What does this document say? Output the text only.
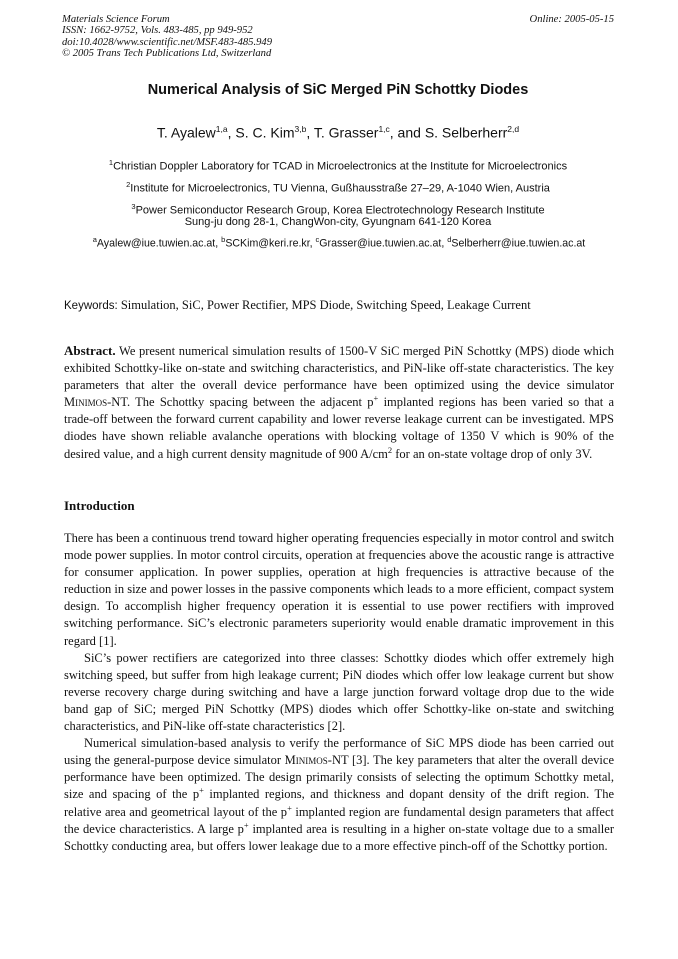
Materials Science Forum
ISSN: 1662-9752, Vols. 483-485, pp 949-952
doi:10.4028/www.scientific.net/MSF.483-485.949
© 2005 Trans Tech Publications Ltd, Switzerland
Online: 2005-05-15
Numerical Analysis of SiC Merged PiN Schottky Diodes
T. Ayalew$^{1,a}$, S. C. Kim$^{3,b}$, T. Grasser$^{1,c}$, and S. Selberherr$^{2,d}$
$^1$Christian Doppler Laboratory for TCAD in Microelectronics at the Institute for Microelectronics
$^2$Institute for Microelectronics, TU Vienna, Gußhausstraße 27–29, A-1040 Wien, Austria
$^3$Power Semiconductor Research Group, Korea Electrotechnology Research Institute
Sung-ju dong 28-1, ChangWon-city, Gyungnam 641-120 Korea
$^a$Ayalew@iue.tuwien.ac.at, $^b$SCKim@keri.re.kr, $^c$Grasser@iue.tuwien.ac.at, $^d$Selberherr@iue.tuwien.ac.at
Keywords: Simulation, SiC, Power Rectifier, MPS Diode, Switching Speed, Leakage Current

Abstract. We present numerical simulation results of 1500-V SiC merged PiN Schottky (MPS) diode which exhibited Schottky-like on-state and switching characteristics, and PiN-like off-state characteristics. The key parameters that alter the overall device performance have been optimized using the device simulator Minimos-NT. The Schottky spacing between the adjacent p+ implanted regions has been varied so that a trade-off between the forward current capability and lower reverse leakage current can be investigated. MPS diodes have shown reliable avalanche operations with blocking voltage of 1350 V which is 90% of the desired value, and a high current density magnitude of 900 $A/cm^2$ for an on-state voltage drop of only 3V.

Introduction

There has been a continuous trend toward higher operating frequencies especially in motor control and switch mode power supplies. In motor control circuits, operation at frequencies above the acoustic range is attractive for consumer application. In power supplies, operation at high frequencies is attractive because of the reduction in size and power losses in the passive components which leads to a more efficient, compact system design. To accomplish higher frequency operation it is essential to use power rectifiers with improved switching performance. SiC’s electronic parameters superiority would enable dramatic improvement in this regard [1].

SiC’s power rectifiers are categorized into three classes: Schottky diodes which offer extremely high switching speed, but suffer from high leakage current; PiN diodes which offer low leakage current but show reverse recovery charge during switching and have a large junction forward voltage drop due to the wide band gap of SiC; merged PiN Schottky (MPS) diodes which offer Schottky-like on-state and switching characteristics, and PiN-like off-state characteristics [2].

Numerical simulation-based analysis to verify the performance of SiC MPS diode has been carried out using the general-purpose device simulator Minimos-NT [3]. The key parameters that alter the overall device performance have been optimized. The design primarily consists of selecting the optimum Schottky metal, size and spacing of the p+ implanted regions, and thickness and dopant density of the drift region. The relative area and geometrical layout of the p+ implanted region are fundamental design parameters that affect the device characteristics. A large p+ implanted area is resulting in a higher on-state voltage due to a smaller Schottky conducting area, but offers lower leakage due to a more effective pinch-off of the Schottky portion.
